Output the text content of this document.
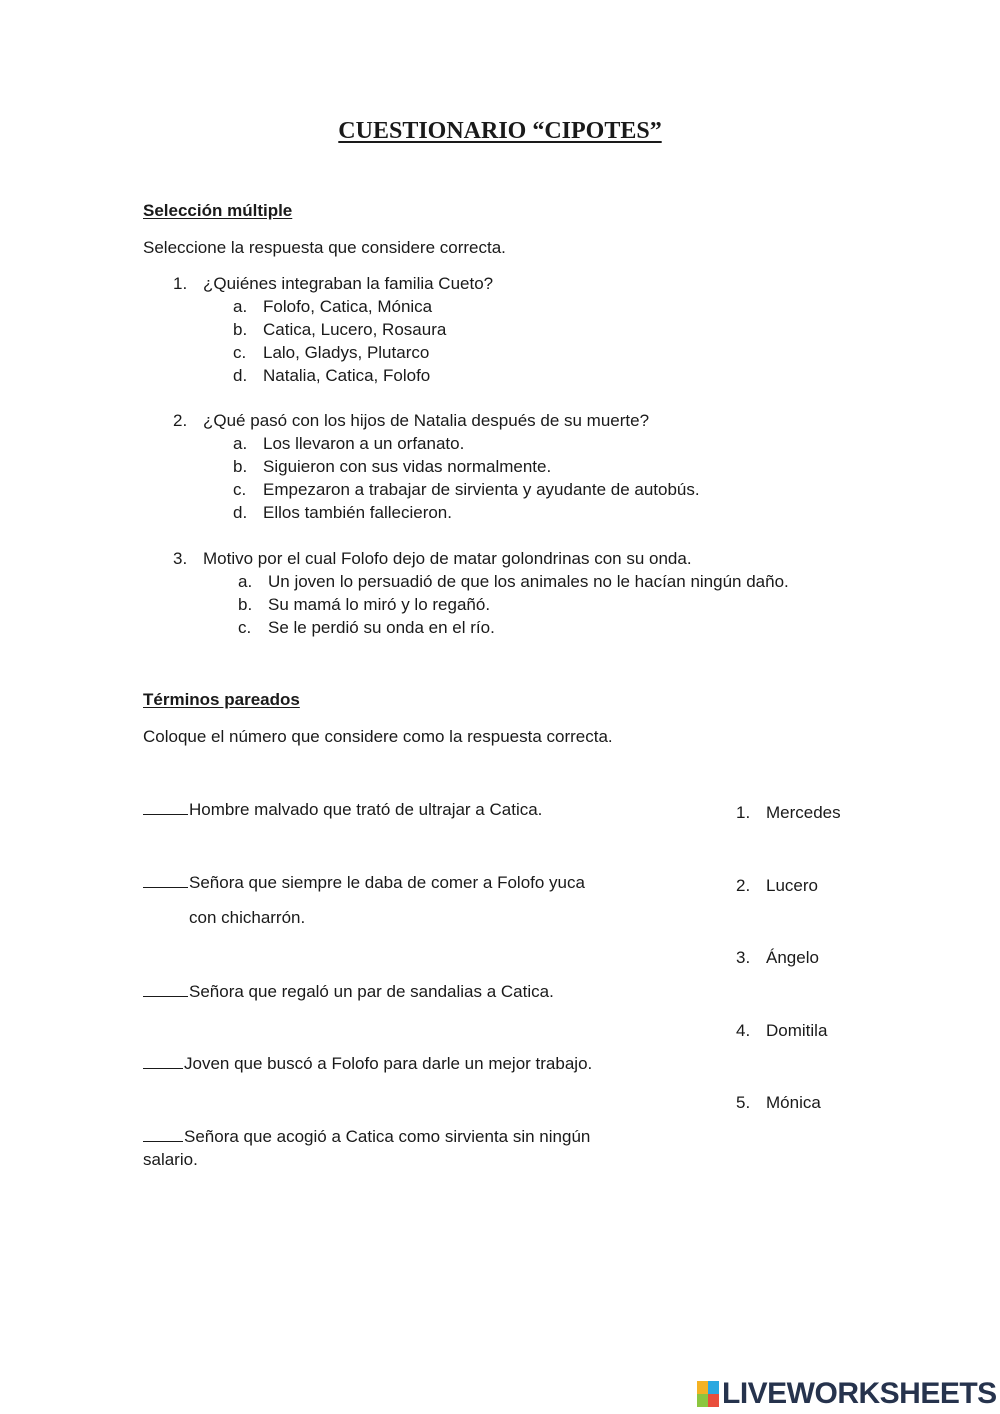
CUESTIONARIO “CIPOTES”
Selección múltiple
Seleccione la respuesta que considere correcta.
1. ¿Quiénes integraban la familia Cueto?
a. Folofo, Catica, Mónica
b. Catica, Lucero, Rosaura
c. Lalo, Gladys, Plutarco
d. Natalia, Catica, Folofo
2. ¿Qué pasó con los hijos de Natalia después de su muerte?
a. Los llevaron a un orfanato.
b. Siguieron con sus vidas normalmente.
c. Empezaron a trabajar de sirvienta y ayudante de autobús.
d. Ellos también fallecieron.
3. Motivo por el cual Folofo dejo de matar golondrinas con su onda.
a. Un joven lo persuadió de que los animales no le hacían ningún daño.
b. Su mamá lo miró y lo regañó.
c. Se le perdió su onda en el río.
Términos pareados
Coloque el número que considere como la respuesta correcta.
Hombre malvado que trató de ultrajar a Catica.
Señora que siempre le daba de comer a Folofo yuca
con chicharrón.
Señora que regaló un par de sandalias a Catica.
Joven que buscó a Folofo para darle un mejor trabajo.
Señora que acogió a Catica como sirvienta sin ningún
salario.
1. Mercedes
2. Lucero
3. Ángelo
4. Domitila
5. Mónica
LIVEWORKSHEETS
